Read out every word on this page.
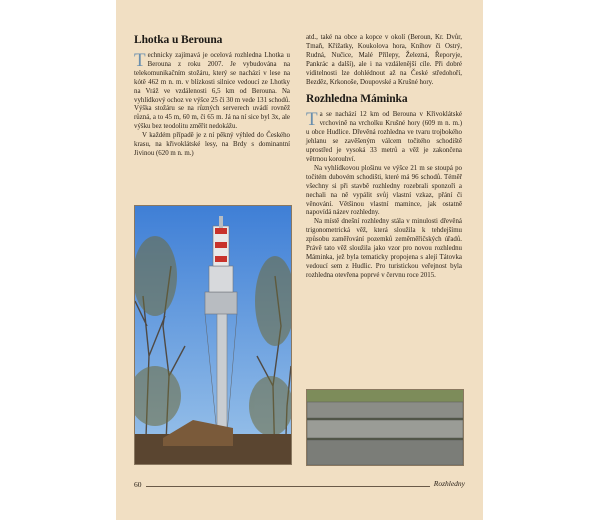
Lhotka u Berouna

Technicky zajímavá je ocelová rozhledna Lhotka u Berouna z roku 2007. Je vybudována na telekomunikačním stožáru, který se nachází v lese na kótě 462 m n. m. v blízkosti silnice vedoucí ze Lhotky na Vráž ve vzdálenosti 6,5 km od Berouna. Na vyhlídkový ochoz ve výšce 25 či 30 m vede 131 schodů. Výška stožáru se na různých serverech uvádí rovněž různá, a to 45 m, 60 m, či 65 m. Já na ní sice byl 3x, ale výšku bez teodolitu změřit nedokážu.

V každém případě je z ní pěkný výhled do Českého krasu, na křivoklátské lesy, na Brdy s dominantní Jivinou (620 m n. m.)

atd., také na obce a kopce v okolí (Beroun, Kr. Dvůr, Tmaň, Křižatky, Koukolova hora, Kníhov či Ostrý, Rudná, Nučice, Malé Přílepy, Železná, Řeporyje, Pankrác a další), ale i na vzdálenější cíle. Při dobré viditelnosti lze dohlédnout až na České středohoří, Bezděz, Krkonoše, Doupovské a Krušné hory.

Rozhledna Máminka

Ta se nachází 12 km od Berouna v Křivoklátské vrchovině na vrcholku Krušné hory (609 m n. m.) u obce Hudlice. Dřevěná rozhledna ve tvaru trojbokého jehlanu se zavěšeným válcem točitého schodiště uprostřed je vysoká 33 metrů a věž je zakončena větrnou korouhví.

Na vyhlídkovou plošinu ve výšce 21 m se stoupá po točitém dubovém schodišti, které má 96 schodů. Téměř všechny si při stavbě rozhledny rozebrali sponzoři a nechali na ně vypálit svůj vlastní vzkaz, přání či věnování. Většinou vlastní mamince, jak ostatně napovídá název rozhledny.

Na místě dnešní rozhledny stála v minulosti dřevěná trigonometrická věž, která sloužila k tehdejšímu způsobu zaměřování pozemků zeměměřičských úřadů. Právě tato věž sloužila jako vzor pro novou rozhlednu Máminka, jež byla tematicky propojena s alejí Tátovka vedoucí sem z Hudlic. Pro turistickou veřejnost byla rozhledna otevřena poprvé v červnu roce 2015.

60	Rozhledny
